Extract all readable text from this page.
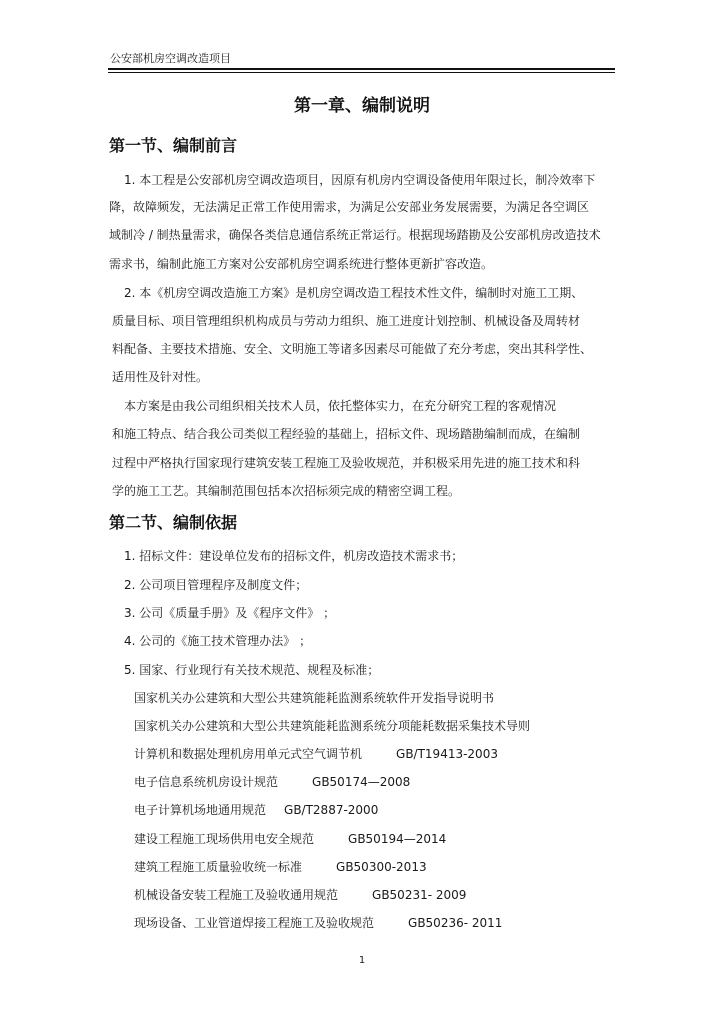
公安部机房空调改造项目
第一章、编制说明
第一节、编制前言
1. 本工程是公安部机房空调改造项目，因原有机房内空调设备使用年限过长，制冷效率下
降，故障频发，无法满足正常工作使用需求，为满足公安部业务发展需要，为满足各空调区
域制冷 / 制热量需求，确保各类信息通信系统正常运行。根据现场踏勘及公安部机房改造技术
需求书，编制此施工方案对公安部机房空调系统进行整体更新扩容改造。
2. 本《机房空调改造施工方案》是机房空调改造工程技术性文件，编制时对施工工期、
质量目标、项目管理组织机构成员与劳动力组织、施工进度计划控制、机械设备及周转材
料配备、主要技术措施、安全、文明施工等诸多因素尽可能做了充分考虑，突出其科学性、
适用性及针对性。
本方案是由我公司组织相关技术人员，依托整体实力，在充分研究工程的客观情况
和施工特点、结合我公司类似工程经验的基础上，招标文件、现场踏勘编制而成，在编制
过程中严格执行国家现行建筑安装工程施工及验收规范，并积极采用先进的施工技术和科
学的施工工艺。其编制范围包括本次招标须完成的精密空调工程。
第二节、编制依据
1. 招标文件：建设单位发布的招标文件，机房改造技术需求书；
2. 公司项目管理程序及制度文件；
3. 公司《质量手册》及《程序文件》 ；
4. 公司的《施工技术管理办法》 ；
5. 国家、行业现行有关技术规范、规程及标准；
国家机关办公建筑和大型公共建筑能耗监测系统软件开发指导说明书
国家机关办公建筑和大型公共建筑能耗监测系统分项能耗数据采集技术导则
计算机和数据处理机房用单元式空气调节机	GB/T19413-2003
电子信息系统机房设计规范	GB50174—2008
电子计算机场地通用规范 GB/T2887-2000
建设工程施工现场供用电安全规范	GB50194—2014
建筑工程施工质量验收统一标准	GB50300-2013
机械设备安装工程施工及验收通用规范	GB50231- 2009
现场设备、工业管道焊接工程施工及验收规范	GB50236- 2011
1
